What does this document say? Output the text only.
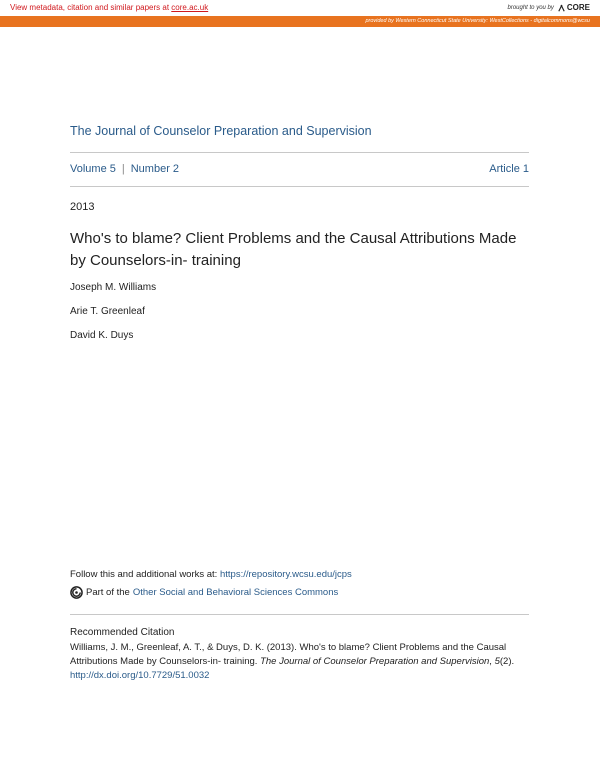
View metadata, citation and similar papers at core.ac.uk	brought to you by CORE
provided by Western Connecticut State University: WestCollections - digitalcommons@wcsu
The Journal of Counselor Preparation and Supervision
Volume 5 | Number 2	Article 1
2013
Who's to blame? Client Problems and the Causal Attributions Made by Counselors-in- training
Joseph M. Williams
Arie T. Greenleaf
David K. Duys
Follow this and additional works at: https://repository.wcsu.edu/jcps
Part of the Other Social and Behavioral Sciences Commons
Recommended Citation
Williams, J. M., Greenleaf, A. T., & Duys, D. K. (2013). Who's to blame? Client Problems and the Causal Attributions Made by Counselors-in- training. The Journal of Counselor Preparation and Supervision, 5(2).
http://dx.doi.org/10.7729/51.0032
